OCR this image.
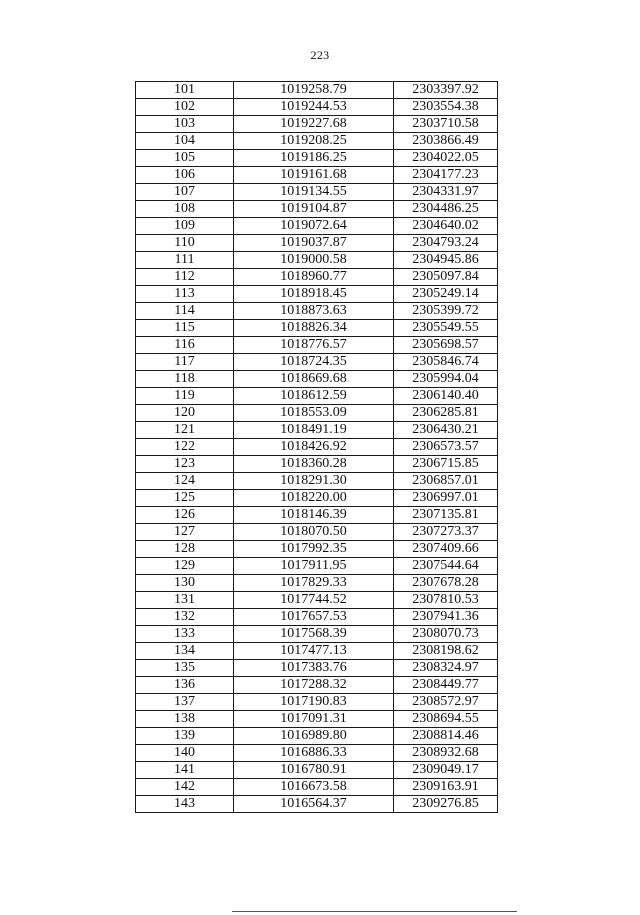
223
101	1019258.79	2303397.92
102	1019244.53	2303554.38
103	1019227.68	2303710.58
104	1019208.25	2303866.49
105	1019186.25	2304022.05
106	1019161.68	2304177.23
107	1019134.55	2304331.97
108	1019104.87	2304486.25
109	1019072.64	2304640.02
110	1019037.87	2304793.24
111	1019000.58	2304945.86
112	1018960.77	2305097.84
113	1018918.45	2305249.14
114	1018873.63	2305399.72
115	1018826.34	2305549.55
116	1018776.57	2305698.57
117	1018724.35	2305846.74
118	1018669.68	2305994.04
119	1018612.59	2306140.40
120	1018553.09	2306285.81
121	1018491.19	2306430.21
122	1018426.92	2306573.57
123	1018360.28	2306715.85
124	1018291.30	2306857.01
125	1018220.00	2306997.01
126	1018146.39	2307135.81
127	1018070.50	2307273.37
128	1017992.35	2307409.66
129	1017911.95	2307544.64
130	1017829.33	2307678.28
131	1017744.52	2307810.53
132	1017657.53	2307941.36
133	1017568.39	2308070.73
134	1017477.13	2308198.62
135	1017383.76	2308324.97
136	1017288.32	2308449.77
137	1017190.83	2308572.97
138	1017091.31	2308694.55
139	1016989.80	2308814.46
140	1016886.33	2308932.68
141	1016780.91	2309049.17
142	1016673.58	2309163.91
143	1016564.37	2309276.85
